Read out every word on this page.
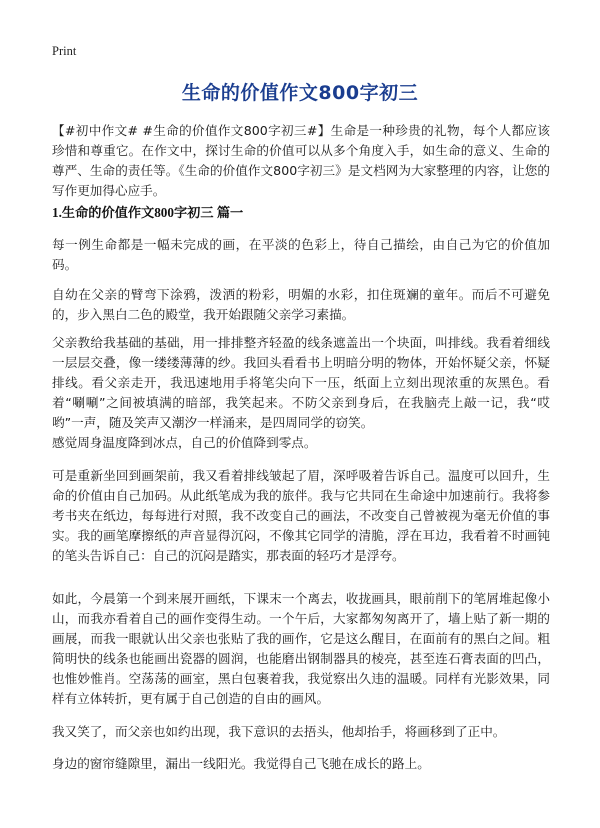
Print

生命的价值作文800字初三

【#初中作文# #生命的价值作文800字初三#】生命是一种珍贵的礼物，每个人都应该珍惜和尊重它。在作文中，探讨生命的价值可以从多个角度入手，如生命的意义、生命的尊严、生命的责任等。《生命的价值作文800字初三》是文档网为大家整理的内容，让您的写作更加得心应手。

1.生命的价值作文800字初三 篇一

每一例生命都是一幅未完成的画，在平淡的色彩上，待自己描绘，由自己为它的价值加码。

自幼在父亲的臂弯下涂鸦，泼洒的粉彩，明媚的水彩，扣住斑斓的童年。而后不可避免的，步入黑白二色的殿堂，我开始跟随父亲学习素描。

父亲教给我基础的基础，用一排排整齐轻盈的线条遮盖出一个块面，叫排线。我看着细线一层层交叠，像一缕缕薄薄的纱。我回头看看书上明暗分明的物体，开始怀疑父亲，怀疑排线。看父亲走开，我迅速地用手将笔尖向下一压，纸面上立刻出现浓重的灰黑色。看着“唰唰”之间被填满的暗部，我笑起来。不防父亲到身后，在我脑壳上敲一记，我“哎哟”一声，随及笑声又潮汐一样涌来，是四周同学的窃笑。

感觉周身温度降到冰点，自己的价值降到零点。

可是重新坐回到画架前，我又看着排线皱起了眉，深呼吸着告诉自己。温度可以回升，生命的价值由自己加码。从此纸笔成为我的旅伴。我与它共同在生命途中加速前行。我将参考书夹在纸边，每每进行对照，我不改变自己的画法，不改变自己曾被视为毫无价值的事实。我的画笔摩擦纸的声音显得沉闷，不像其它同学的清脆，浮在耳边，我看着不时画钝的笔头告诉自己：自己的沉闷是踏实，那表面的轻巧才是浮夸。

如此，今晨第一个到来展开画纸，下课末一个离去，收拢画具，眼前削下的笔屑堆起像小山，而我亦看着自己的画作变得生动。一个午后，大家都匆匆离开了，墙上贴了新一期的画展，而我一眼就认出父亲也张贴了我的画作，它是这么醒目，在面前有的黑白之间。粗简明快的线条也能画出瓷器的圆润，也能磨出钢制器具的棱亮，甚至连石膏表面的凹凸，也惟妙惟肖。空荡荡的画室，黑白包裹着我，我觉察出久违的温暖。同样有光影效果，同样有立体转折，更有属于自己创造的自由的画风。

我又笑了，而父亲也如约出现，我下意识的去捂头，他却抬手，将画移到了正中。

身边的窗帘缝隙里，漏出一线阳光。我觉得自己飞驰在成长的路上。
